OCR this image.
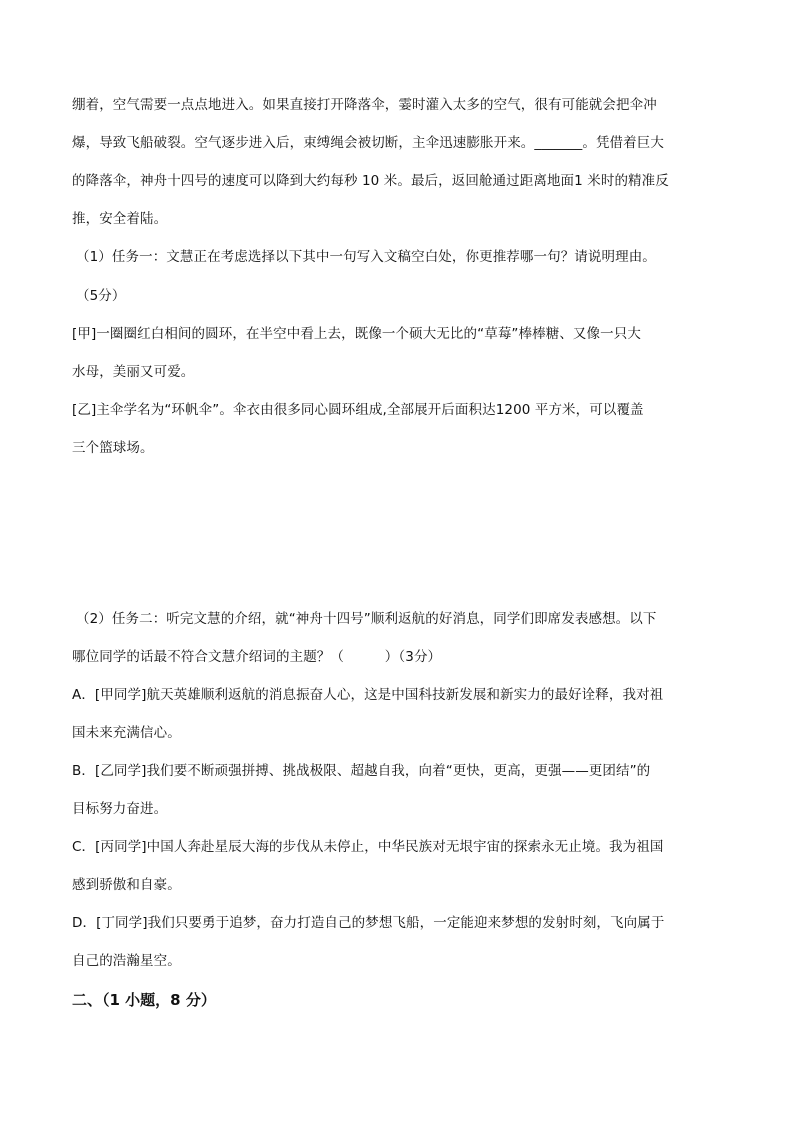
绷着，空气需要一点点地进入。如果直接打开降落伞，霎时灌入太多的空气，很有可能就会把伞冲
爆，导致飞船破裂。空气逐步进入后，束缚绳会被切断，主伞迅速膨胀开来。_______。凭借着巨大
的降落伞，神舟十四号的速度可以降到大约每秒 10 米。最后，返回舱通过距离地面1 米时的精准反
推，安全着陆。
（1）任务一：文慧正在考虑选择以下其中一句写入文稿空白处，你更推荐哪一句？请说明理由。
（5分）
[甲]一圈圈红白相间的圆环，在半空中看上去，既像一个硕大无比的“草莓”棒棒糖、又像一只大
水母，美丽又可爱。
[乙]主伞学名为“环帆伞”。伞衣由很多同心圆环组成,全部展开后面积达1200 平方米，可以覆盖
三个篮球场。
（2）任务二：听完文慧的介绍，就“神舟十四号”顺利返航的好消息，同学们即席发表感想。以下
哪位同学的话最不符合文慧介绍词的主题？（　　　）（3分）
A．[甲同学]航天英雄顺利返航的消息振奋人心，这是中国科技新发展和新实力的最好诠释，我对祖
国未来充满信心。
B．[乙同学]我们要不断顽强拼搏、挑战极限、超越自我，向着“更快，更高，更强——更团结”的
目标努力奋进。
C．[丙同学]中国人奔赴星辰大海的步伐从未停止，中华民族对无垠宇宙的探索永无止境。我为祖国
感到骄傲和自豪。
D．[丁同学]我们只要勇于追梦，奋力打造自己的梦想飞船，一定能迎来梦想的发射时刻，飞向属于
自己的浩瀚星空。
二、（1 小题，8 分）
